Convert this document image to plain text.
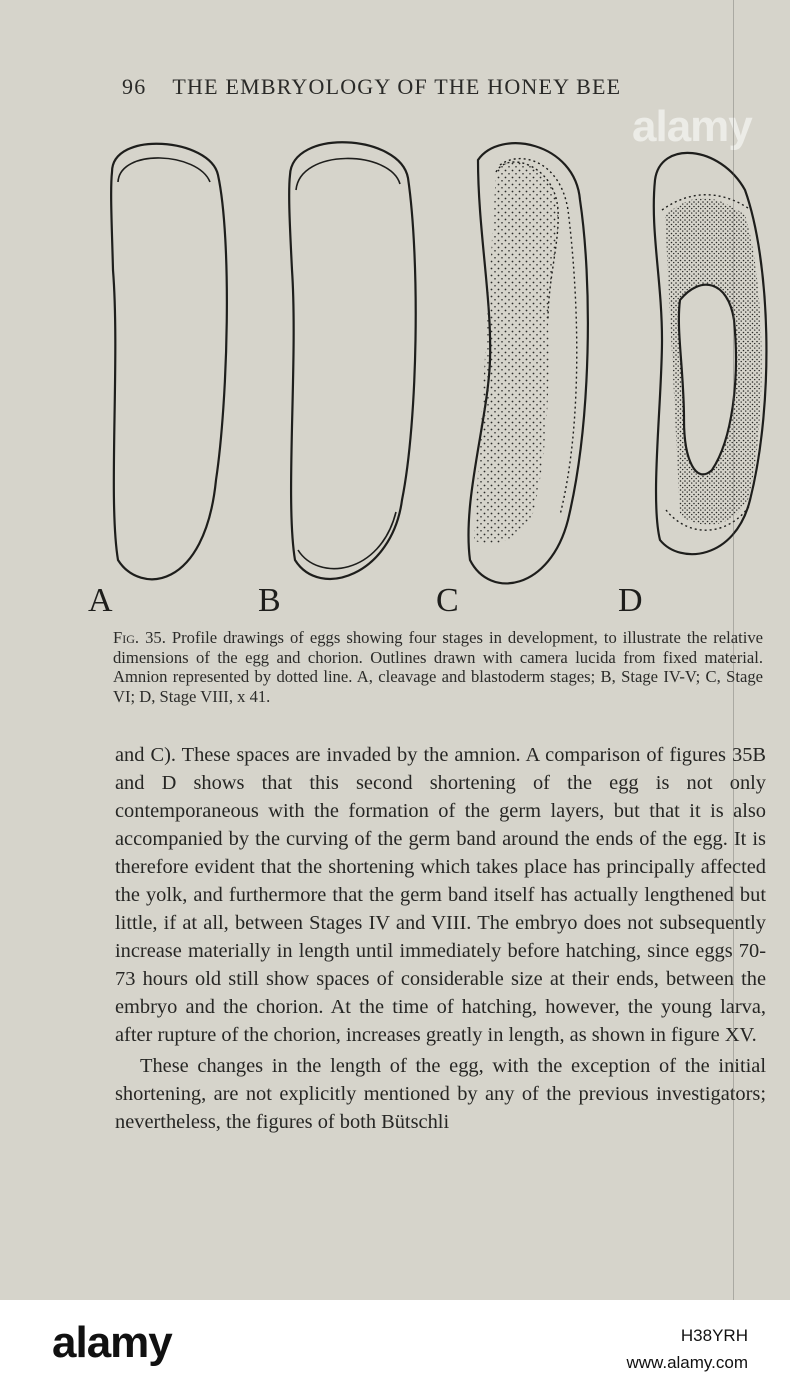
96 THE EMBRYOLOGY OF THE HONEY BEE
A	B	C	D
Fig. 35. Profile drawings of eggs showing four stages in development, to illustrate the relative dimensions of the egg and chorion. Outlines drawn with camera lucida from fixed material. Amnion represented by dotted line. A, cleavage and blastoderm stages; B, Stage IV-V; C, Stage VI; D, Stage VIII, x 41.

and C). These spaces are invaded by the amnion. A comparison of figures 35B and D shows that this second shortening of the egg is not only contemporaneous with the formation of the germ layers, but that it is also accompanied by the curving of the germ band around the ends of the egg. It is therefore evident that the shortening which takes place has principally affected the yolk, and furthermore that the germ band itself has actually lengthened but little, if at all, between Stages IV and VIII. The embryo does not subsequently increase materially in length until immediately before hatching, since eggs 70-73 hours old still show spaces of considerable size at their ends, between the embryo and the chorion. At the time of hatching, however, the young larva, after rupture of the chorion, increases greatly in length, as shown in figure XV.

These changes in the length of the egg, with the exception of the initial shortening, are not explicitly mentioned by any of the previous investigators; nevertheless, the figures of both Bütschli

alamy
alamy	H38YRH
www.alamy.com
